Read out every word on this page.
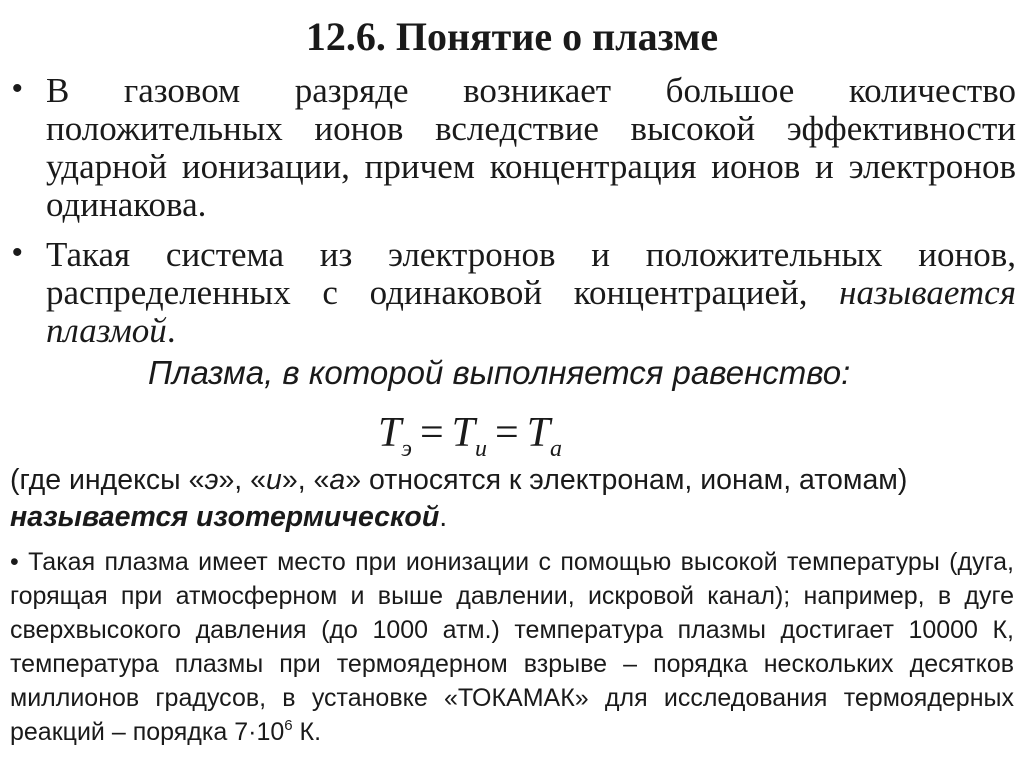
12.6. Понятие о плазме
• В газовом разряде возникает большое количество положительных ионов вследствие высокой эффективности ударной ионизации, причем концентрация ионов и электронов одинакова.
• Такая система из электронов и положительных ионов, распределенных с одинаковой концентрацией, называется плазмой.
Плазма, в которой выполняется равенство:
$T_э = T_и = T_а$
(где индексы «э», «и», «а» относятся к электронам, ионам, атомам) называется изотермической.
• Такая плазма имеет место при ионизации с помощью высокой температуры (дуга, горящая при атмосферном и выше давлении, искровой канал); например, в дуге сверхвысокого давления (до 1000 атм.) температура плазмы достигает 10000 К, температура плазмы при термоядерном взрыве – порядка нескольких десятков миллионов градусов, в установке «ТОКАМАК» для исследования термоядерных реакций – порядка $7\cdot 10^6$ К.
